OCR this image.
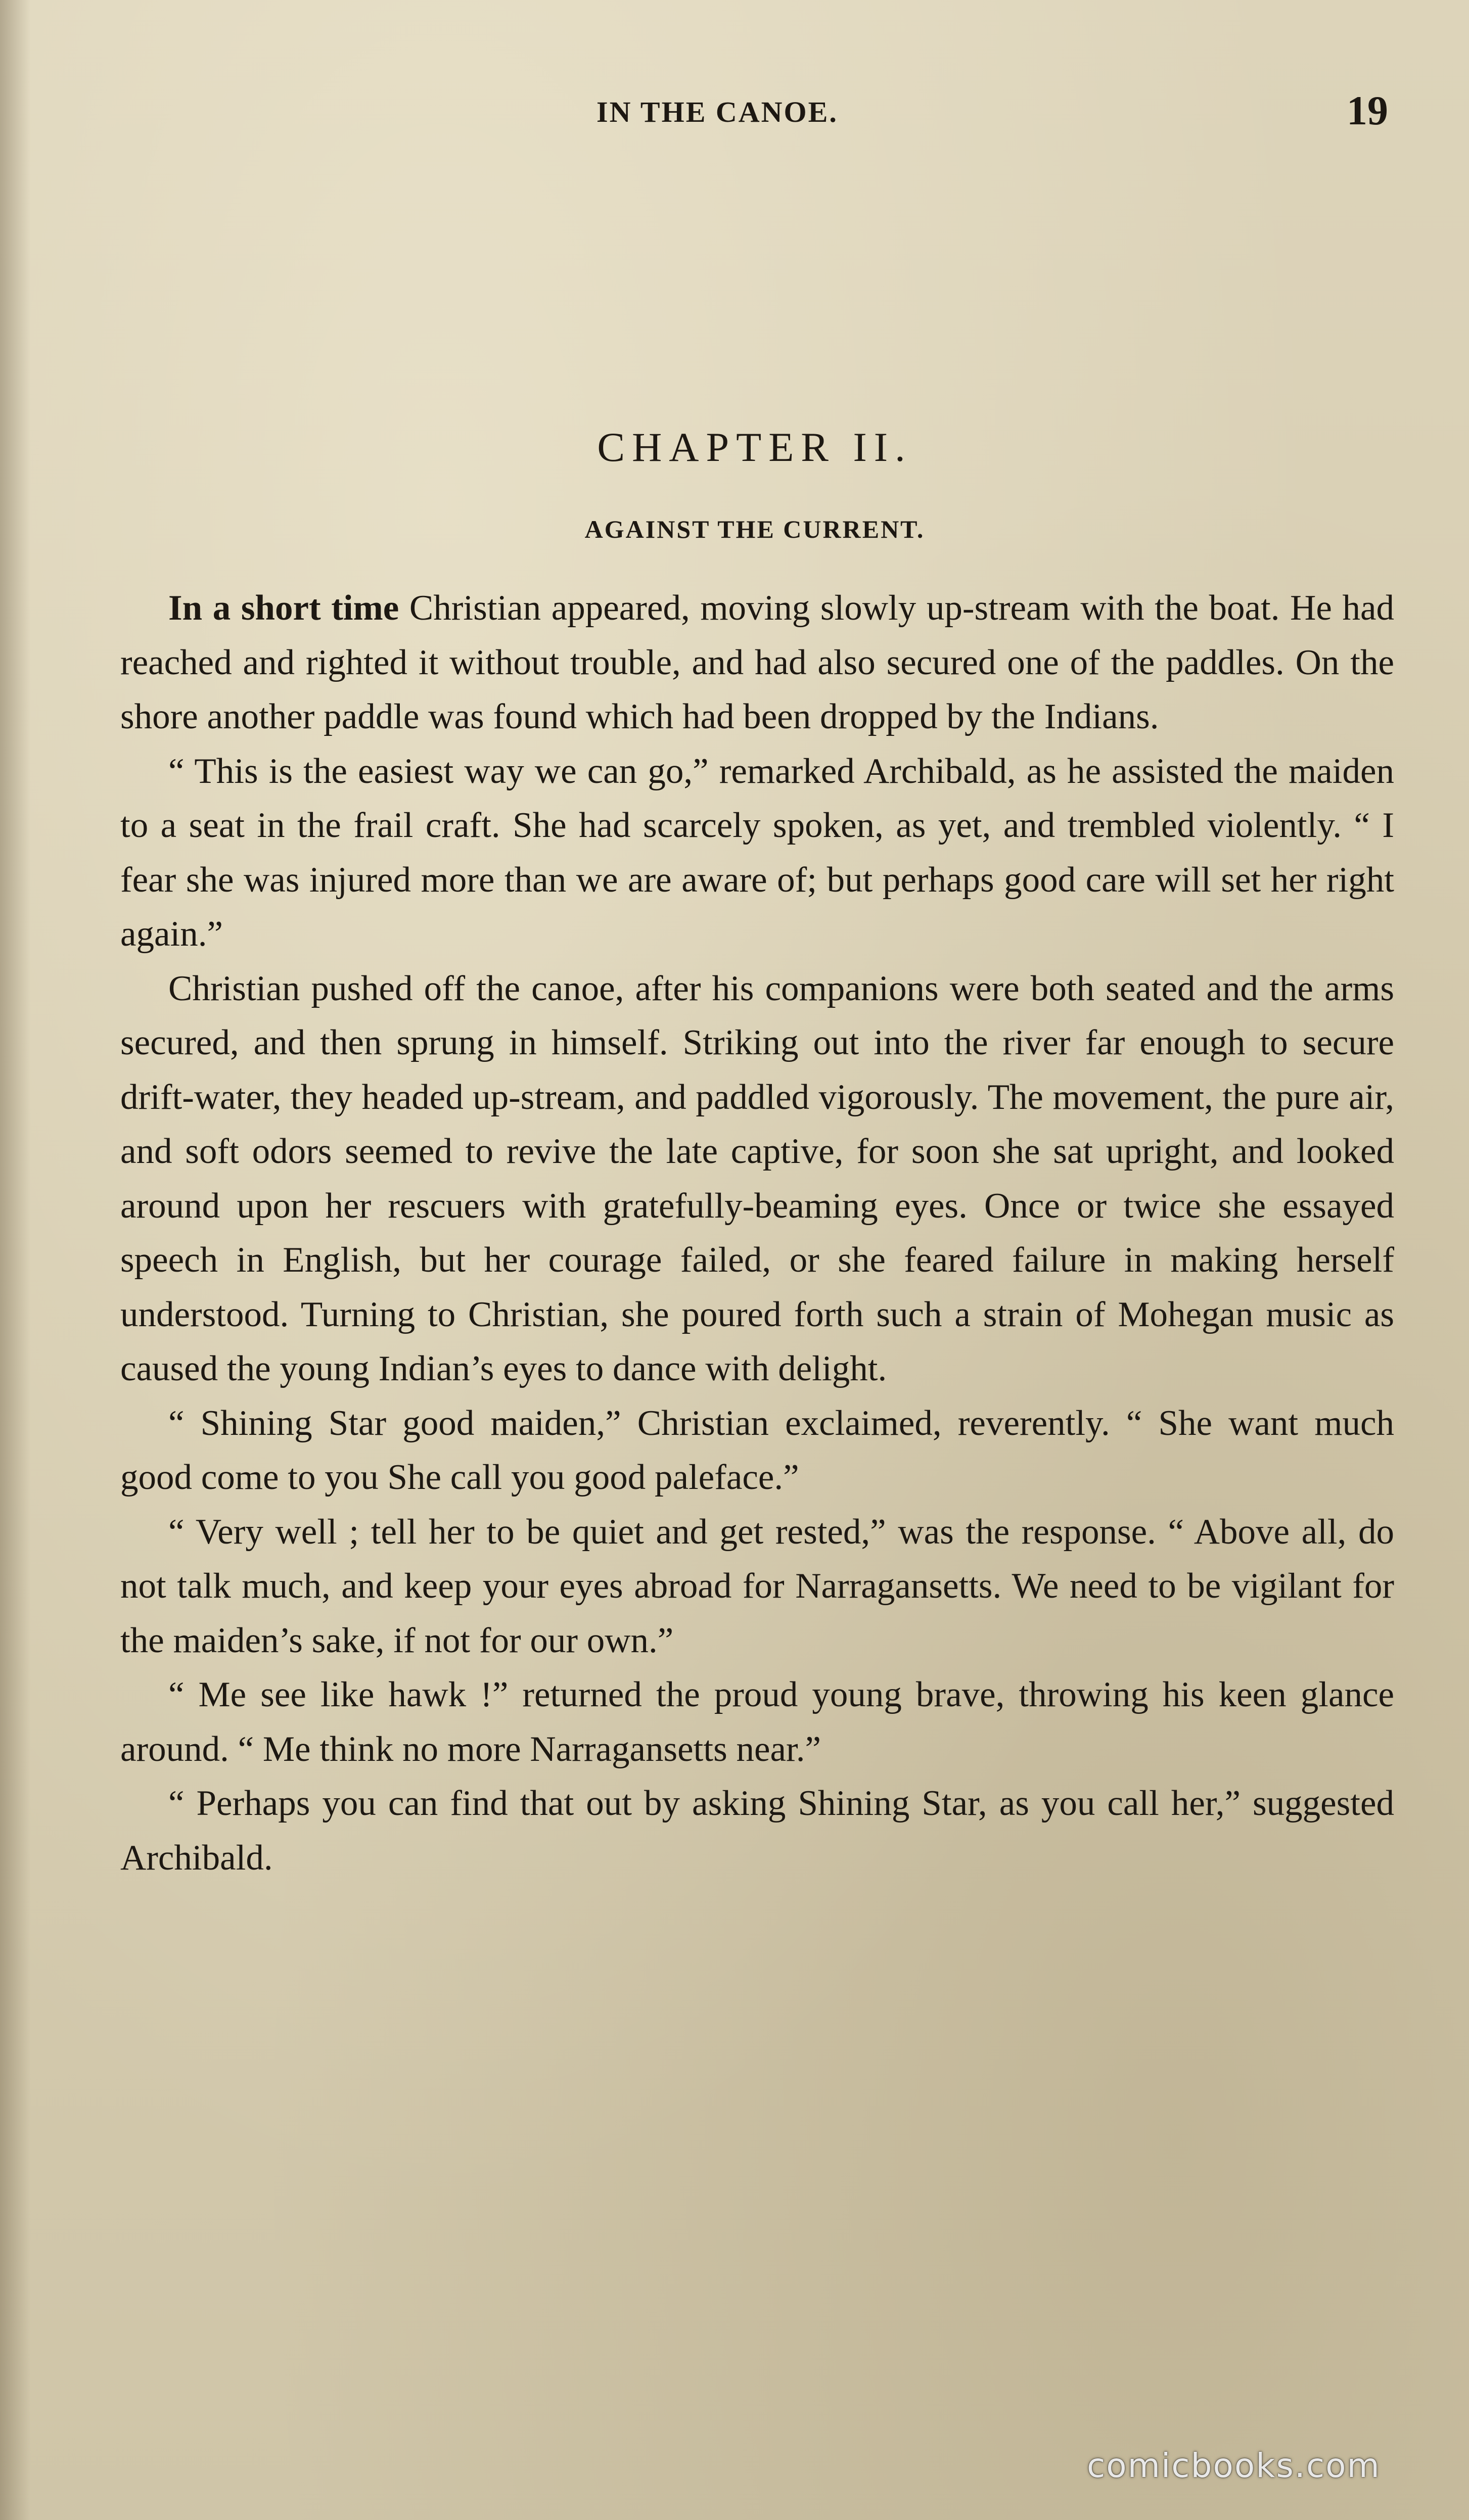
IN THE CANOE.	19
CHAPTER II.
AGAINST THE CURRENT.

In a short time Christian appeared, moving slowly up-stream with the boat. He had reached and righted it without trouble, and had also secured one of the paddles. On the shore another paddle was found which had been dropped by the Indians.

“ This is the easiest way we can go,” remarked Archibald, as he assisted the maiden to a seat in the frail craft. She had scarcely spoken, as yet, and trembled violently. “ I fear she was injured more than we are aware of; but perhaps good care will set her right again.”

Christian pushed off the canoe, after his companions were both seated and the arms secured, and then sprung in himself. Striking out into the river far enough to secure drift-water, they headed up-stream, and paddled vigorously. The movement, the pure air, and soft odors seemed to revive the late captive, for soon she sat upright, and looked around upon her rescuers with gratefully-beaming eyes. Once or twice she essayed speech in English, but her courage failed, or she feared failure in making herself understood. Turning to Christian, she poured forth such a strain of Mohegan music as caused the young Indian’s eyes to dance with delight.

“ Shining Star good maiden,” Christian exclaimed, reverently. “ She want much good come to you She call you good paleface.”

“ Very well ; tell her to be quiet and get rested,” was the response. “ Above all, do not talk much, and keep your eyes abroad for Narragansetts. We need to be vigilant for the maiden’s sake, if not for our own.”

“ Me see like hawk !” returned the proud young brave, throwing his keen glance around. “ Me think no more Narragansetts near.”

“ Perhaps you can find that out by asking Shining Star, as you call her,” suggested Archibald.

comicbooks.com
